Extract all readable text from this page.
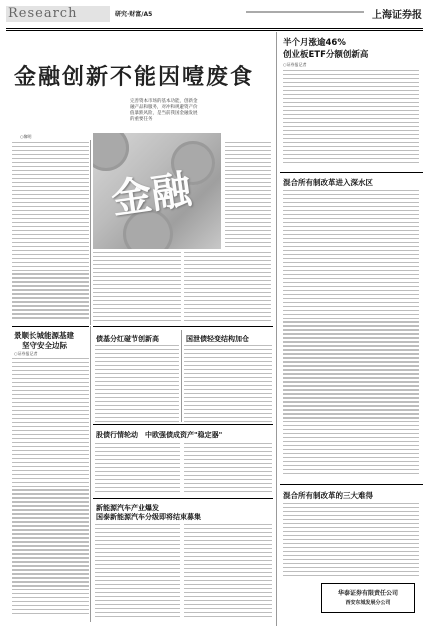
Research	研究·财富/A5	上海证券报
金融创新不能因噎废食
完善资本市场的基本功能，创新金融产品和服务，对冲和规避资产价值暴跌风险，是当前我国金融发展的重要任务
○黎明
金融
景顺长城能源基建
坚守安全边际
○证券报记者
债基分红碰节创新高	国泄债轻变结构加仓
股债行情轮动　 中欧强债成资产"稳定器"
新能源汽车产业爆发
国泰新能源汽车分级即将结束募集
半个月涨逾46%
创业板ETF分额创新高
○证券报记者
混合所有制改革进入深水区
混合所有制改革的三大难得
华泰证券有限责任公司
西安东城发展分公司
